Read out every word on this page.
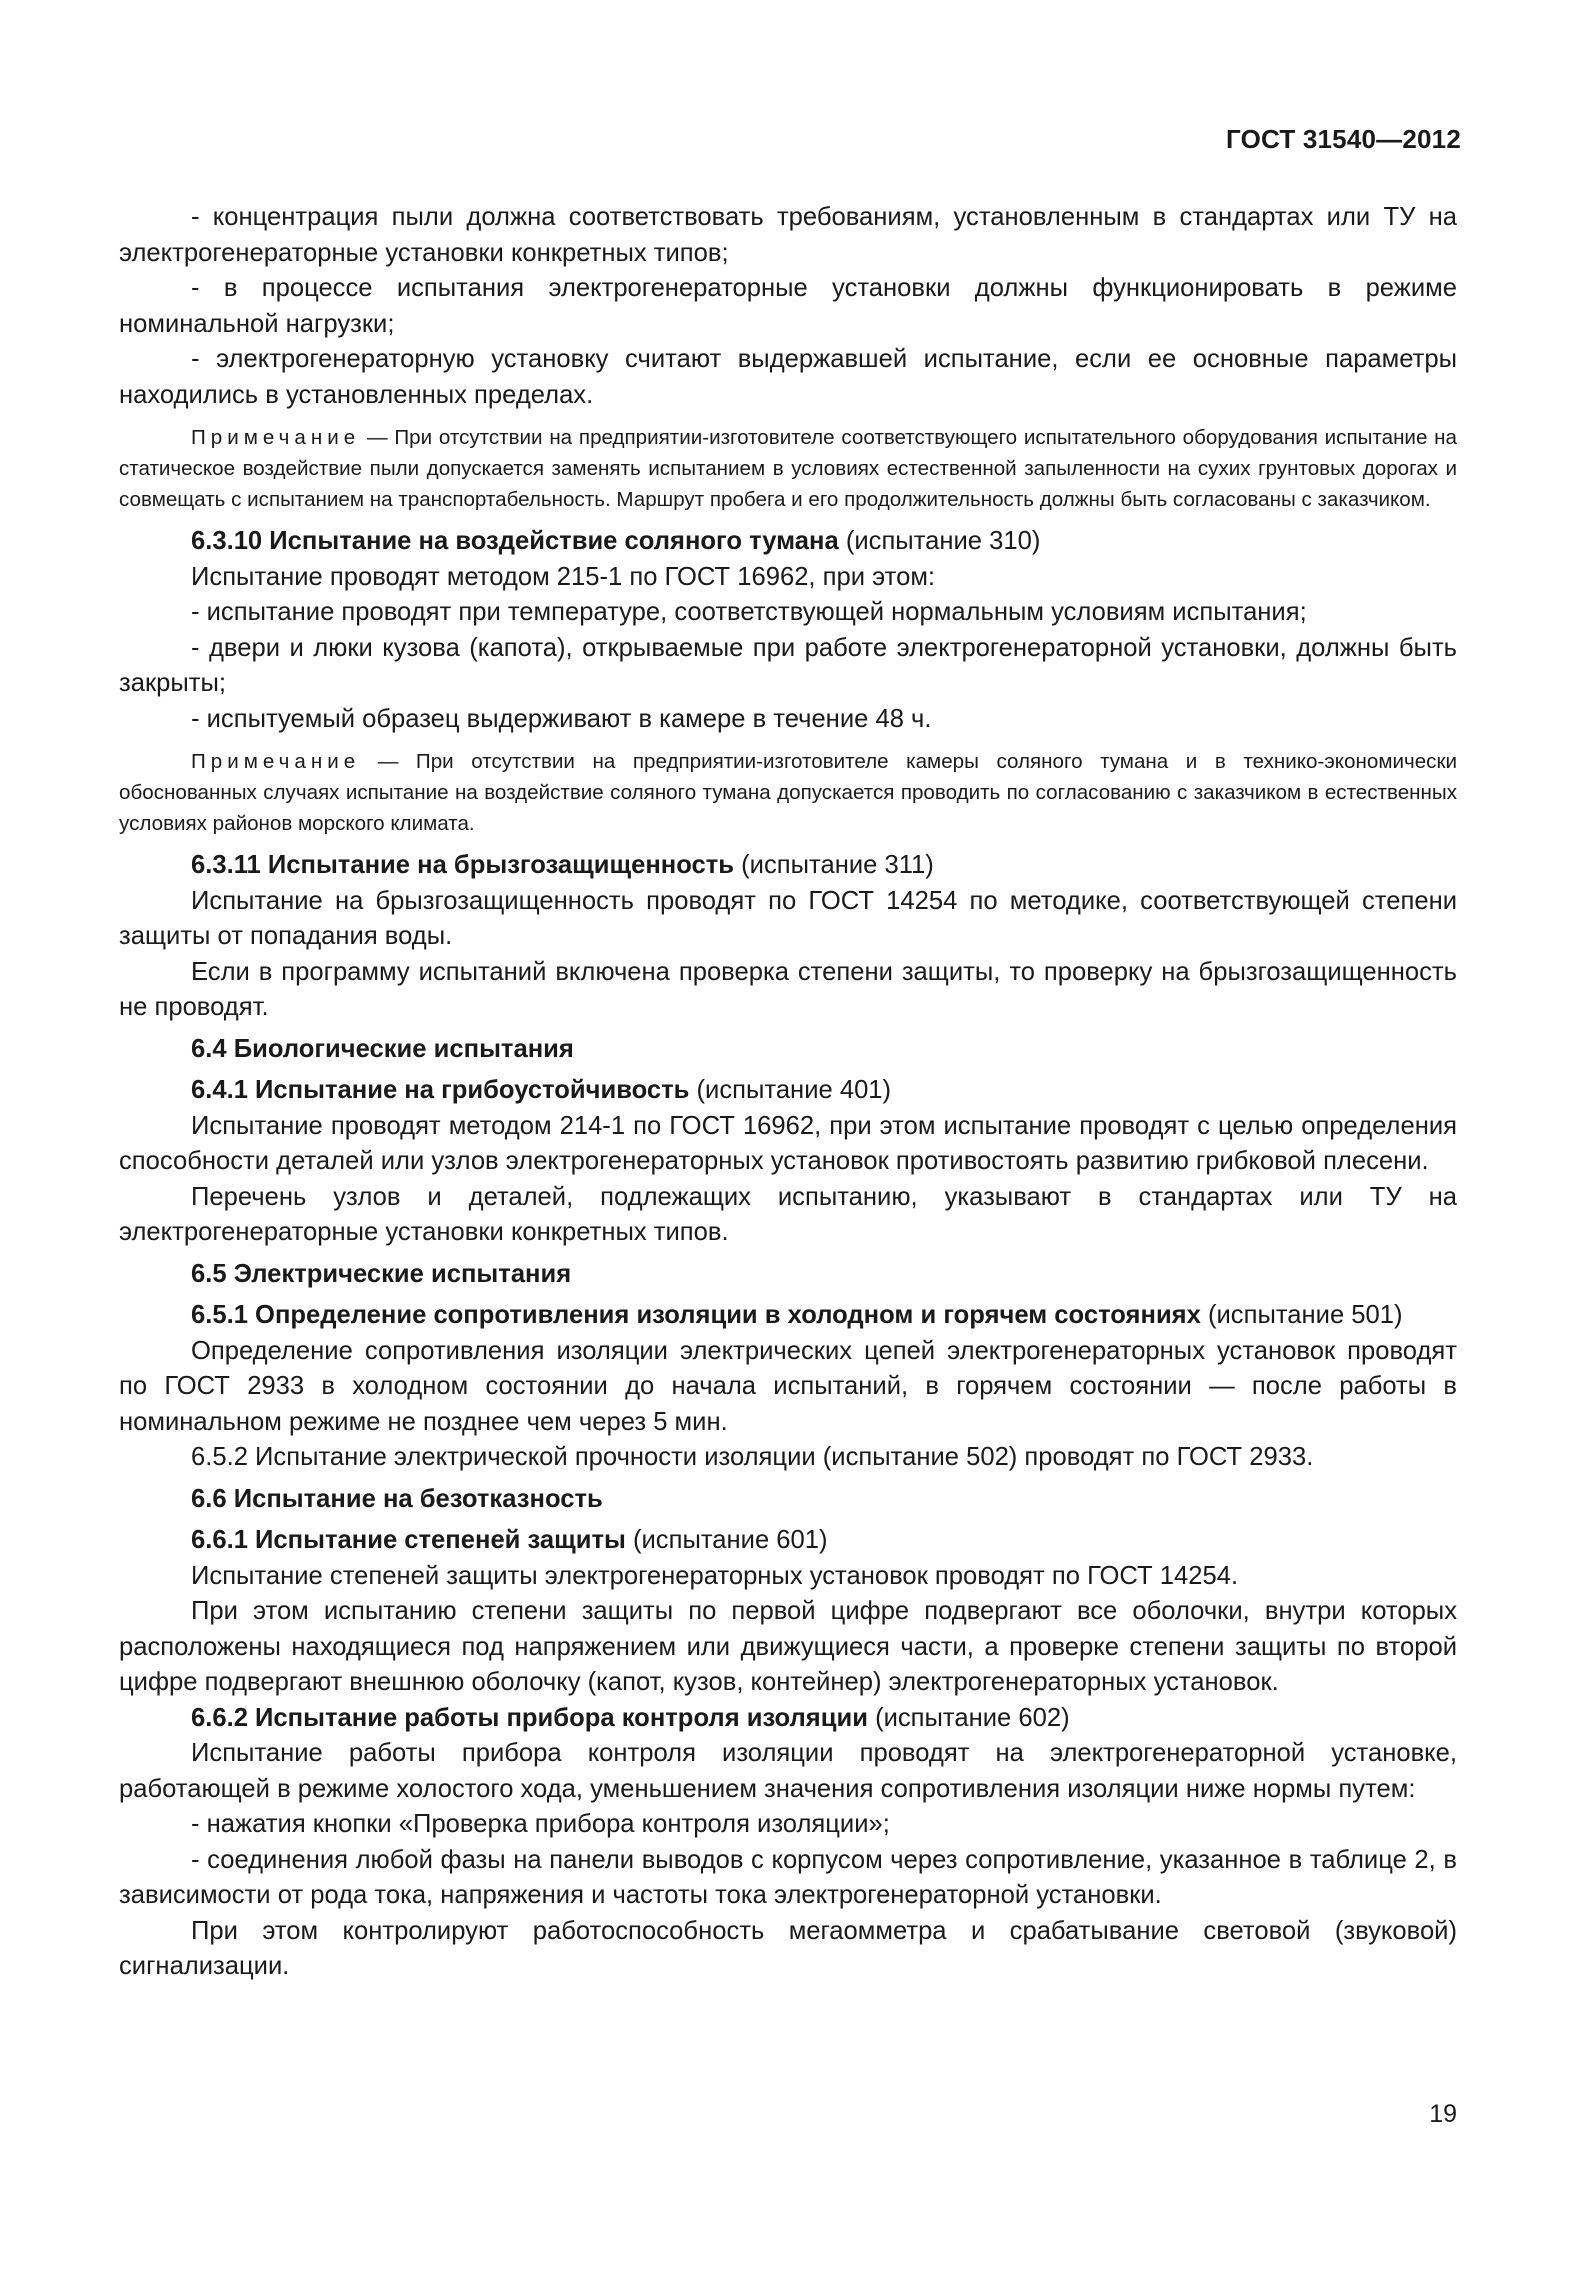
ГОСТ 31540—2012

- концентрация пыли должна соответствовать требованиям, установленным в стандартах или ТУ на электрогенераторные установки конкретных типов;

- в процессе испытания электрогенераторные установки должны функционировать в режиме номинальной нагрузки;

- электрогенераторную установку считают выдержавшей испытание, если ее основные параметры находились в установленных пределах.

Примечание — При отсутствии на предприятии-изготовителе соответствующего испытательного оборудования испытание на статическое воздействие пыли допускается заменять испытанием в условиях естественной запыленности на сухих грунтовых дорогах и совмещать с испытанием на транспортабельность. Маршрут пробега и его продолжительность должны быть согласованы с заказчиком.

6.3.10 Испытание на воздействие соляного тумана (испытание 310)

Испытание проводят методом 215-1 по ГОСТ 16962, при этом:

- испытание проводят при температуре, соответствующей нормальным условиям испытания;

- двери и люки кузова (капота), открываемые при работе электрогенераторной установки, должны быть закрыты;

- испытуемый образец выдерживают в камере в течение 48 ч.

Примечание — При отсутствии на предприятии-изготовителе камеры соляного тумана и в технико-экономически обоснованных случаях испытание на воздействие соляного тумана допускается проводить по согласованию с заказчиком в естественных условиях районов морского климата.

6.3.11 Испытание на брызгозащищенность (испытание 311)

Испытание на брызгозащищенность проводят по ГОСТ 14254 по методике, соответствующей степени защиты от попадания воды.

Если в программу испытаний включена проверка степени защиты, то проверку на брызгозащищенность не проводят.

6.4 Биологические испытания

6.4.1 Испытание на грибоустойчивость (испытание 401)

Испытание проводят методом 214-1 по ГОСТ 16962, при этом испытание проводят с целью определения способности деталей или узлов электрогенераторных установок противостоять развитию грибковой плесени.

Перечень узлов и деталей, подлежащих испытанию, указывают в стандартах или ТУ на электрогенераторные установки конкретных типов.

6.5 Электрические испытания

6.5.1 Определение сопротивления изоляции в холодном и горячем состояниях (испытание 501)

Определение сопротивления изоляции электрических цепей электрогенераторных установок проводят по ГОСТ 2933 в холодном состоянии до начала испытаний, в горячем состоянии — после работы в номинальном режиме не позднее чем через 5 мин.

6.5.2 Испытание электрической прочности изоляции (испытание 502) проводят по ГОСТ 2933.

6.6 Испытание на безотказность

6.6.1 Испытание степеней защиты (испытание 601)

Испытание степеней защиты электрогенераторных установок проводят по ГОСТ 14254.

При этом испытанию степени защиты по первой цифре подвергают все оболочки, внутри которых расположены находящиеся под напряжением или движущиеся части, а проверке степени защиты по второй цифре подвергают внешнюю оболочку (капот, кузов, контейнер) электрогенераторных установок.

6.6.2 Испытание работы прибора контроля изоляции (испытание 602)

Испытание работы прибора контроля изоляции проводят на электрогенераторной установке, работающей в режиме холостого хода, уменьшением значения сопротивления изоляции ниже нормы путем:

- нажатия кнопки «Проверка прибора контроля изоляции»;

- соединения любой фазы на панели выводов с корпусом через сопротивление, указанное в таблице 2, в зависимости от рода тока, напряжения и частоты тока электрогенераторной установки.

При этом контролируют работоспособность мегаомметра и срабатывание световой (звуковой) сигнализации.

19
